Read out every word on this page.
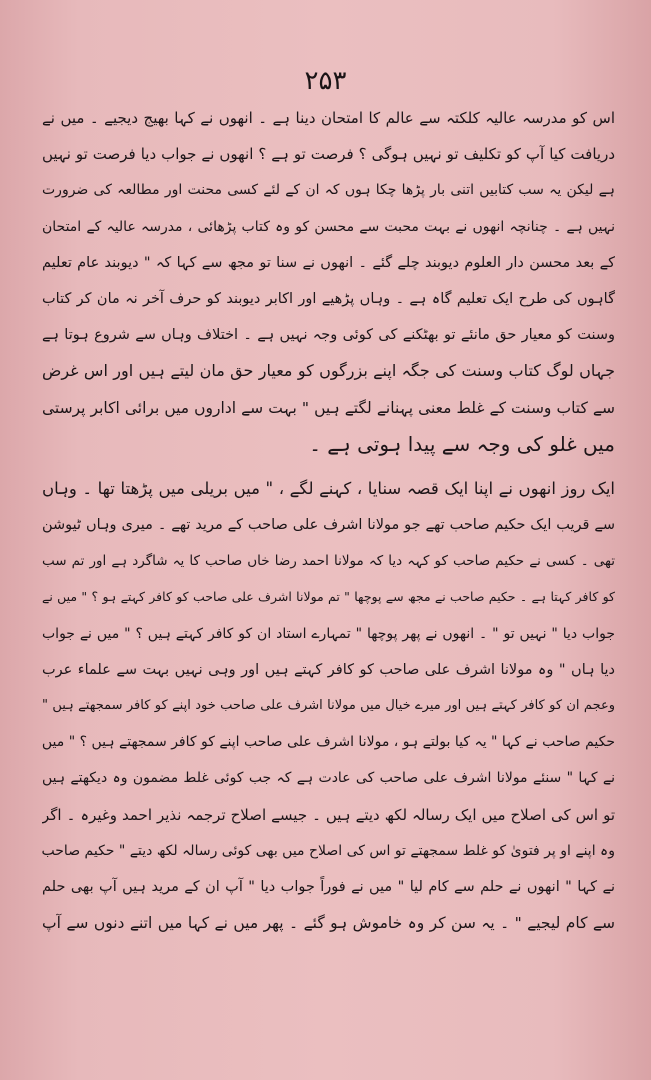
۲۵۳
اس کو مدرسہ عالیہ کلکتہ سے عالم کا امتحان دینا ہے ۔ انھوں نے کہا بھیج دیجیے ۔ میں نے
دریافت کیا آپ کو تکلیف تو نہیں ہوگی ؟ فرصت تو ہے ؟ انھوں نے جواب دیا فرصت تو نہیں
ہے لیکن یہ سب کتابیں اتنی بار پڑھا چکا ہوں کہ ان کے لئے کسی محنت اور مطالعہ کی ضرورت
نہیں ہے ۔ چنانچہ انھوں نے بہت محبت سے محسن کو وہ کتاب پڑھائی ، مدرسہ عالیہ کے امتحان
کے بعد محسن دار العلوم دیوبند چلے گئے ۔ انھوں نے سنا تو مجھ سے کہا کہ " دیوبند عام تعلیم
گاہوں کی طرح ایک تعلیم گاہ ہے ۔ وہاں پڑھیے اور اکابر دیوبند کو حرف آخر نہ مان کر کتاب
وسنت کو معیار حق مانئے تو بھٹکنے کی کوئی وجہ نہیں ہے ۔ اختلاف وہاں سے شروع ہوتا ہے
جہاں لوگ کتاب وسنت کی جگہ اپنے بزرگوں کو معیار حق مان لیتے ہیں اور اس غرض
سے کتاب وسنت کے غلط معنی پہنانے لگتے ہیں " بہت سے اداروں میں برائی اکابر پرستی
میں غلو کی وجہ سے پیدا ہوتی ہے ۔
ایک روز انھوں نے اپنا ایک قصہ سنایا ، کہنے لگے ، " میں بریلی میں پڑھتا تھا ۔ وہاں
سے قریب ایک حکیم صاحب تھے جو مولانا اشرف علی صاحب کے مرید تھے ۔ میری وہاں ٹیوشن
تھی ۔ کسی نے حکیم صاحب کو کہہ دیا کہ مولانا احمد رضا خاں صاحب کا یہ شاگرد ہے اور تم سب
کو کافر کہتا ہے ۔ حکیم صاحب نے مجھ سے پوچھا " تم مولانا اشرف علی صاحب کو کافر کہتے ہو ؟ " میں نے
جواب دیا " نہیں تو " ۔ انھوں نے پھر پوچھا " تمہارے استاد ان کو کافر کہتے ہیں ؟ " میں نے جواب
دیا ہاں " وہ مولانا اشرف علی صاحب کو کافر کہتے ہیں اور وہی نہیں بہت سے علماء عرب
وعجم ان کو کافر کہتے ہیں اور میرے خیال میں مولانا اشرف علی صاحب خود اپنے کو کافر سمجھتے ہیں "
حکیم صاحب نے کہا " یہ کیا بولتے ہو ، مولانا اشرف علی صاحب اپنے کو کافر سمجھتے ہیں ؟ " میں
نے کہا " سنئے مولانا اشرف علی صاحب کی عادت ہے کہ جب کوئی غلط مضمون وہ دیکھتے ہیں
تو اس کی اصلاح میں ایک رسالہ لکھ دیتے ہیں ۔ جیسے اصلاح ترجمہ نذیر احمد وغیرہ ۔ اگر
وہ اپنے او پر فتویٰ کو غلط سمجھتے تو اس کی اصلاح میں بھی کوئی رسالہ لکھ دیتے " حکیم صاحب
نے کہا " انھوں نے حلم سے کام لیا " میں نے فوراً جواب دیا " آپ ان کے مرید ہیں آپ بھی حلم
سے کام لیجیے " ۔ یہ سن کر وہ خاموش ہو گئے ۔ پھر میں نے کہا میں اتنے دنوں سے آپ
